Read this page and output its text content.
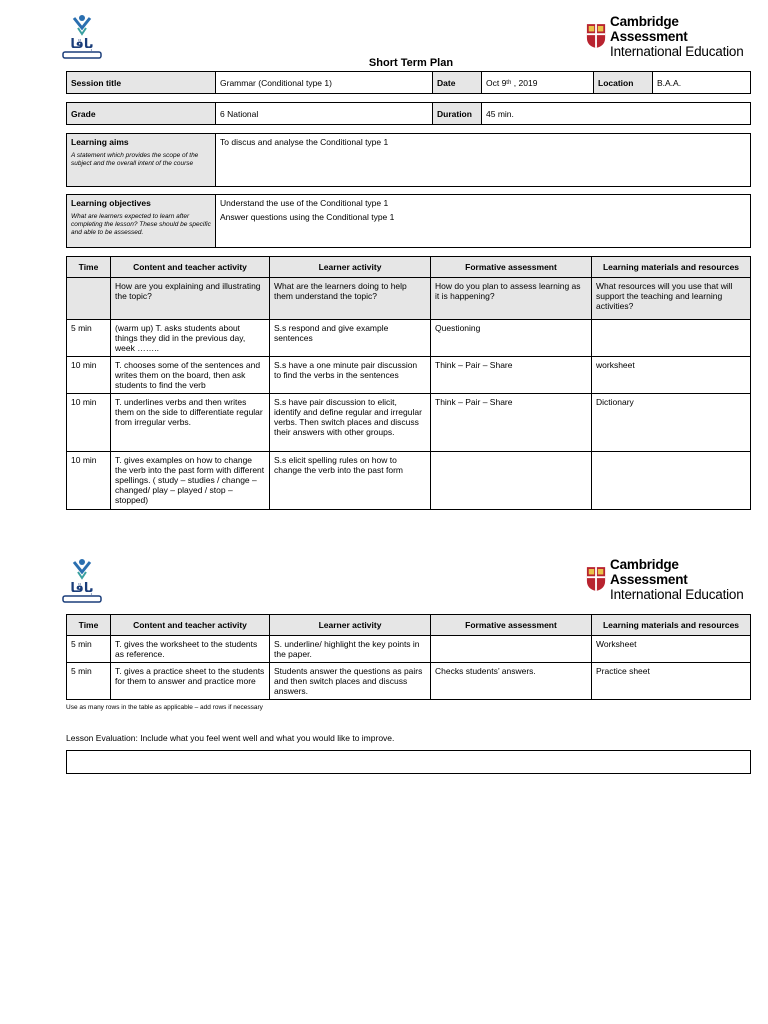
باقا
Cambridge Assessment
International Education
Short Term Plan
Session title	Grammar (Conditional type 1)	Date	Oct 9ᵗʰ , 2019	Location	B.A.A.
Grade	6 National	Duration	45 min.
Learning aims
A statement which provides the scope of the subject and the overall intent of the course
	To discus and analyse the Conditional type 1
Learning objectives
What are learners expected to learn after completing the lesson? These should be specific and able to be assessed.

Understand the use of the Conditional type 1
Answer questions using the Conditional type 1
Time	Content and teacher activity	Learner activity	Formative assessment	Learning materials and resources
	How are you explaining and illustrating the topic?	What are the learners doing to help them understand the topic?	How do you plan to assess learning as it is happening?	What resources will you use that will support the teaching and learning activities?
5 min	(warm up) T. asks students about things they did in the previous day, week ……..	S.s respond and give example sentences	Questioning	
10 min	T. chooses some of the sentences and writes them on the board, then ask students to find the verb	S.s have a one minute pair discussion to find the verbs in the sentences	Think – Pair – Share	worksheet
10 min	T. underlines verbs and then writes them on the side to differentiate regular from irregular verbs.	S.s have pair discussion to elicit, identify and define regular and irregular verbs. Then switch places and discuss their answers with other groups.	Think – Pair – Share	Dictionary
10 min	T. gives examples on how to change the verb into the past form with different spellings. ( study – studies / change – changed/ play – played / stop – stopped)	S.s elicit spelling rules on how to change the verb into the past form		
باقا
Cambridge Assessment
International Education
Time	Content and teacher activity	Learner activity	Formative assessment	Learning materials and resources
5 min	T. gives the worksheet to the students as reference.	S. underline/ highlight the key points in the paper.		Worksheet
5 min	T. gives a practice sheet to the students for them to answer and practice more	Students answer the questions as pairs and then switch places and discuss answers.	Checks students’ answers.	Practice sheet
Use as many rows in the table as applicable – add rows if necessary
Lesson Evaluation: Include what you feel went well and what you would like to improve.
